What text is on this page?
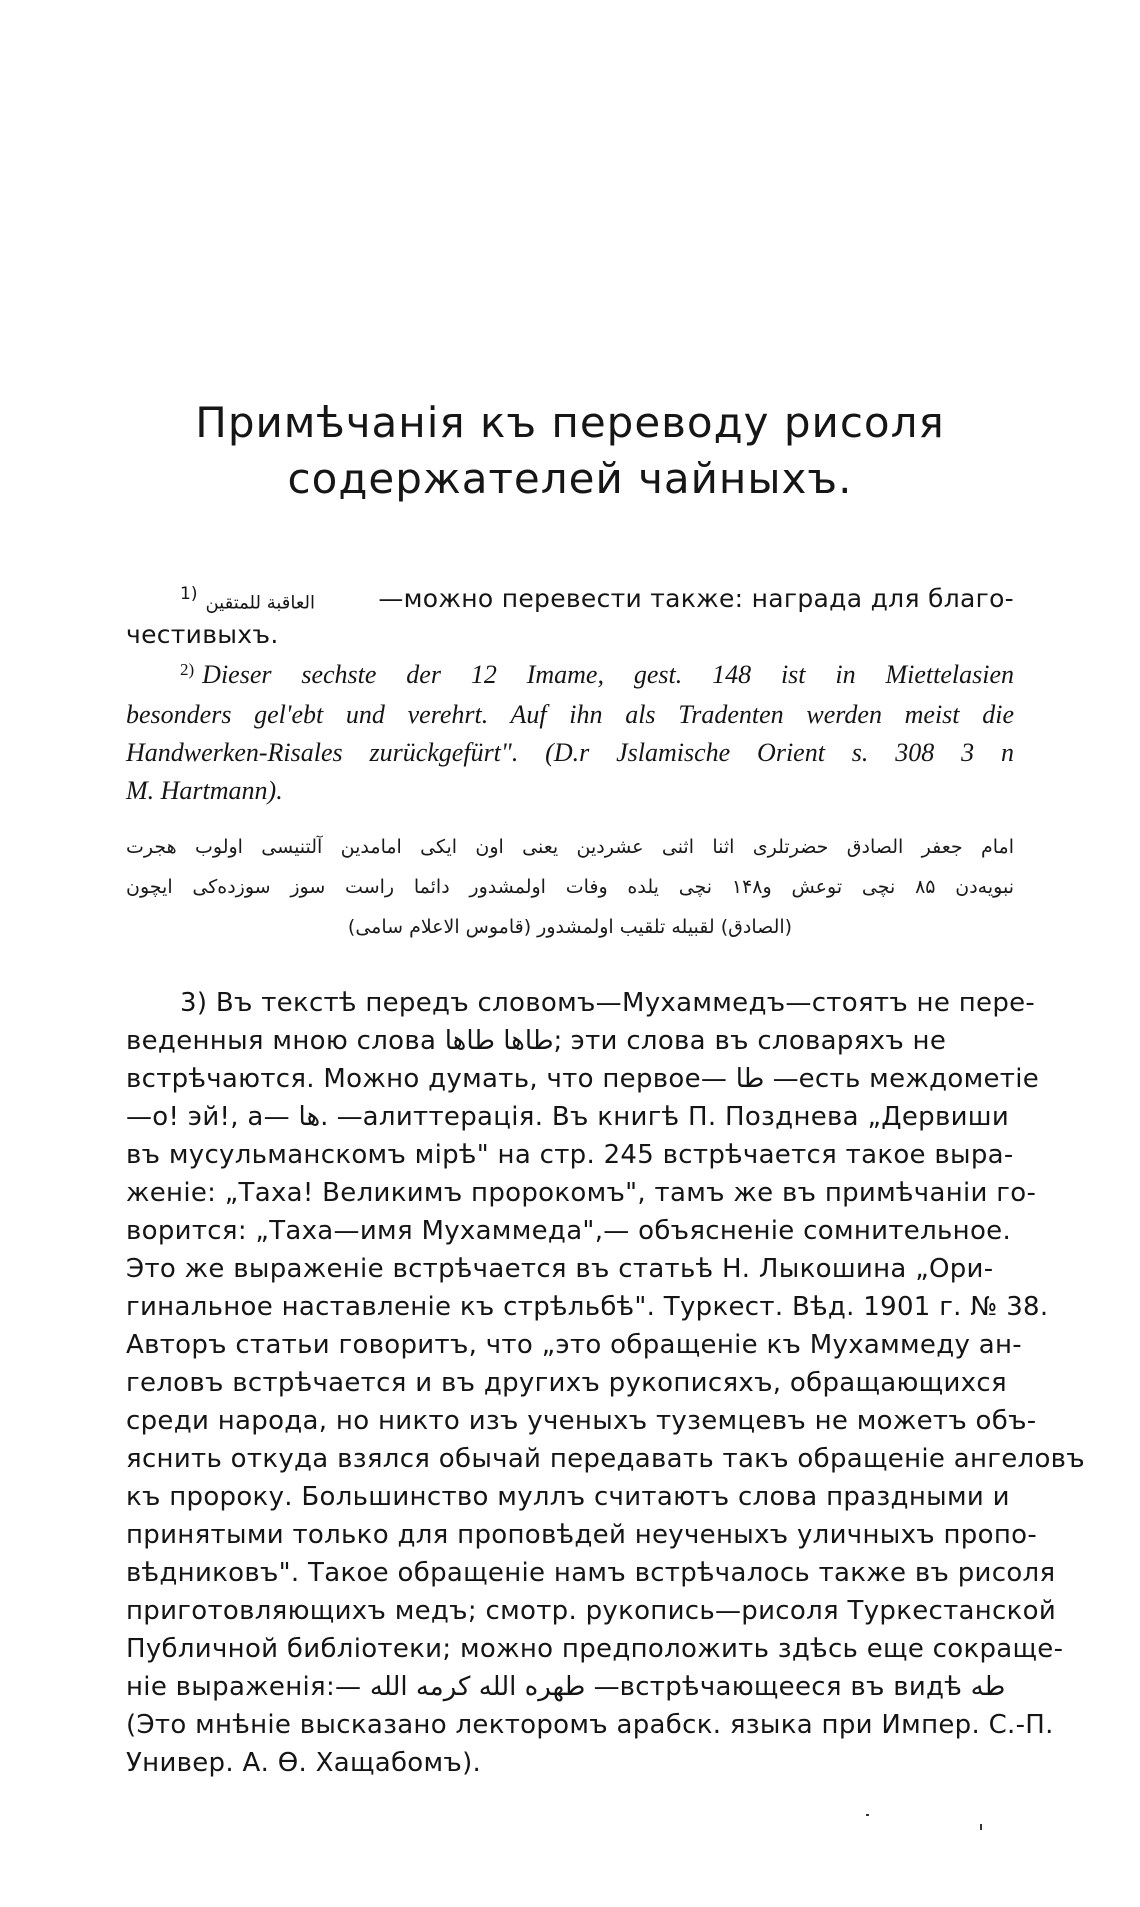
Примѣчанія къ переводу рисоля
содержателей чайныхъ.
$^{1)}$ العاقبة للمتقين	—можно перевести также: награда для благо-
честивыхъ.
2) Dieser sechste der 12 Imame, gest. 148 ist in Miettelasien
besonders gel'ebt und verehrt. Auf ihn als Tradenten werden meist die
Handwerken-Risales zurückgefürt". (D.r Jslamische Orient s. 308 3 n
M. Hartmann).
امام جعفر الصادق حضرتلری اثنا اثنی عشردین یعنی اون ایکی امامدین آلتنیسی اولوب هجرت
نبویه‌دن ۸۵ نچی توعش و۱۴۸ نچی یلده وفات اولمشدور دائما راست سوز سوزده‌کی ایچون
(الصادق) لقبیله تلقیب اولمشدور (قاموس الاعلام سامی)
3) Въ текстѣ передъ словомъ—Мухаммедъ—стоятъ не пере-
веденныя мною слова طاها طاها; эти слова въ словаряхъ не
встрѣчаются. Можно думать, что первое— طا —есть междометіе
—о! эй!, а— ها. —алиттерація. Въ книгѣ П. Позднева „Дервиши
въ мусульманскомъ мірѣ" на стр. 245 встрѣчается такое выра-
женіе: „Таха! Великимъ пророкомъ", тамъ же въ примѣчаніи го-
ворится: „Таха—имя Мухаммеда",— объясненіе сомнительное.
Это же выраженіе встрѣчается въ статьѣ Н. Лыкошина „Ори-
гинальное наставленіе къ стрѣльбѣ". Туркест. Вѣд. 1901 г. № 38.
Авторъ статьи говоритъ, что „это обращеніе къ Мухаммеду ан-
геловъ встрѣчается и въ другихъ рукописяхъ, обращающихся
среди народа, но никто изъ ученыхъ туземцевъ не можетъ объ-
яснить откуда взялся обычай передавать такъ обращеніе ангеловъ
къ пророку. Большинство муллъ считаютъ слова праздными и
принятыми только для проповѣдей неученыхъ уличныхъ пропо-
вѣдниковъ". Такое обращеніе намъ встрѣчалось также въ рисоля
приготовляющихъ медъ; смотр. рукопись—рисоля Туркестанской
Публичной библіотеки; можно предположить здѣсь еще сокраще-
ніе выраженія:— طهره الله كرمه الله —встрѣчающееся въ видѣ طه
(Это мнѣніе высказано лекторомъ арабск. языка при Импер. С.-П.
Универ. А. Ѳ. Хащабомъ).
